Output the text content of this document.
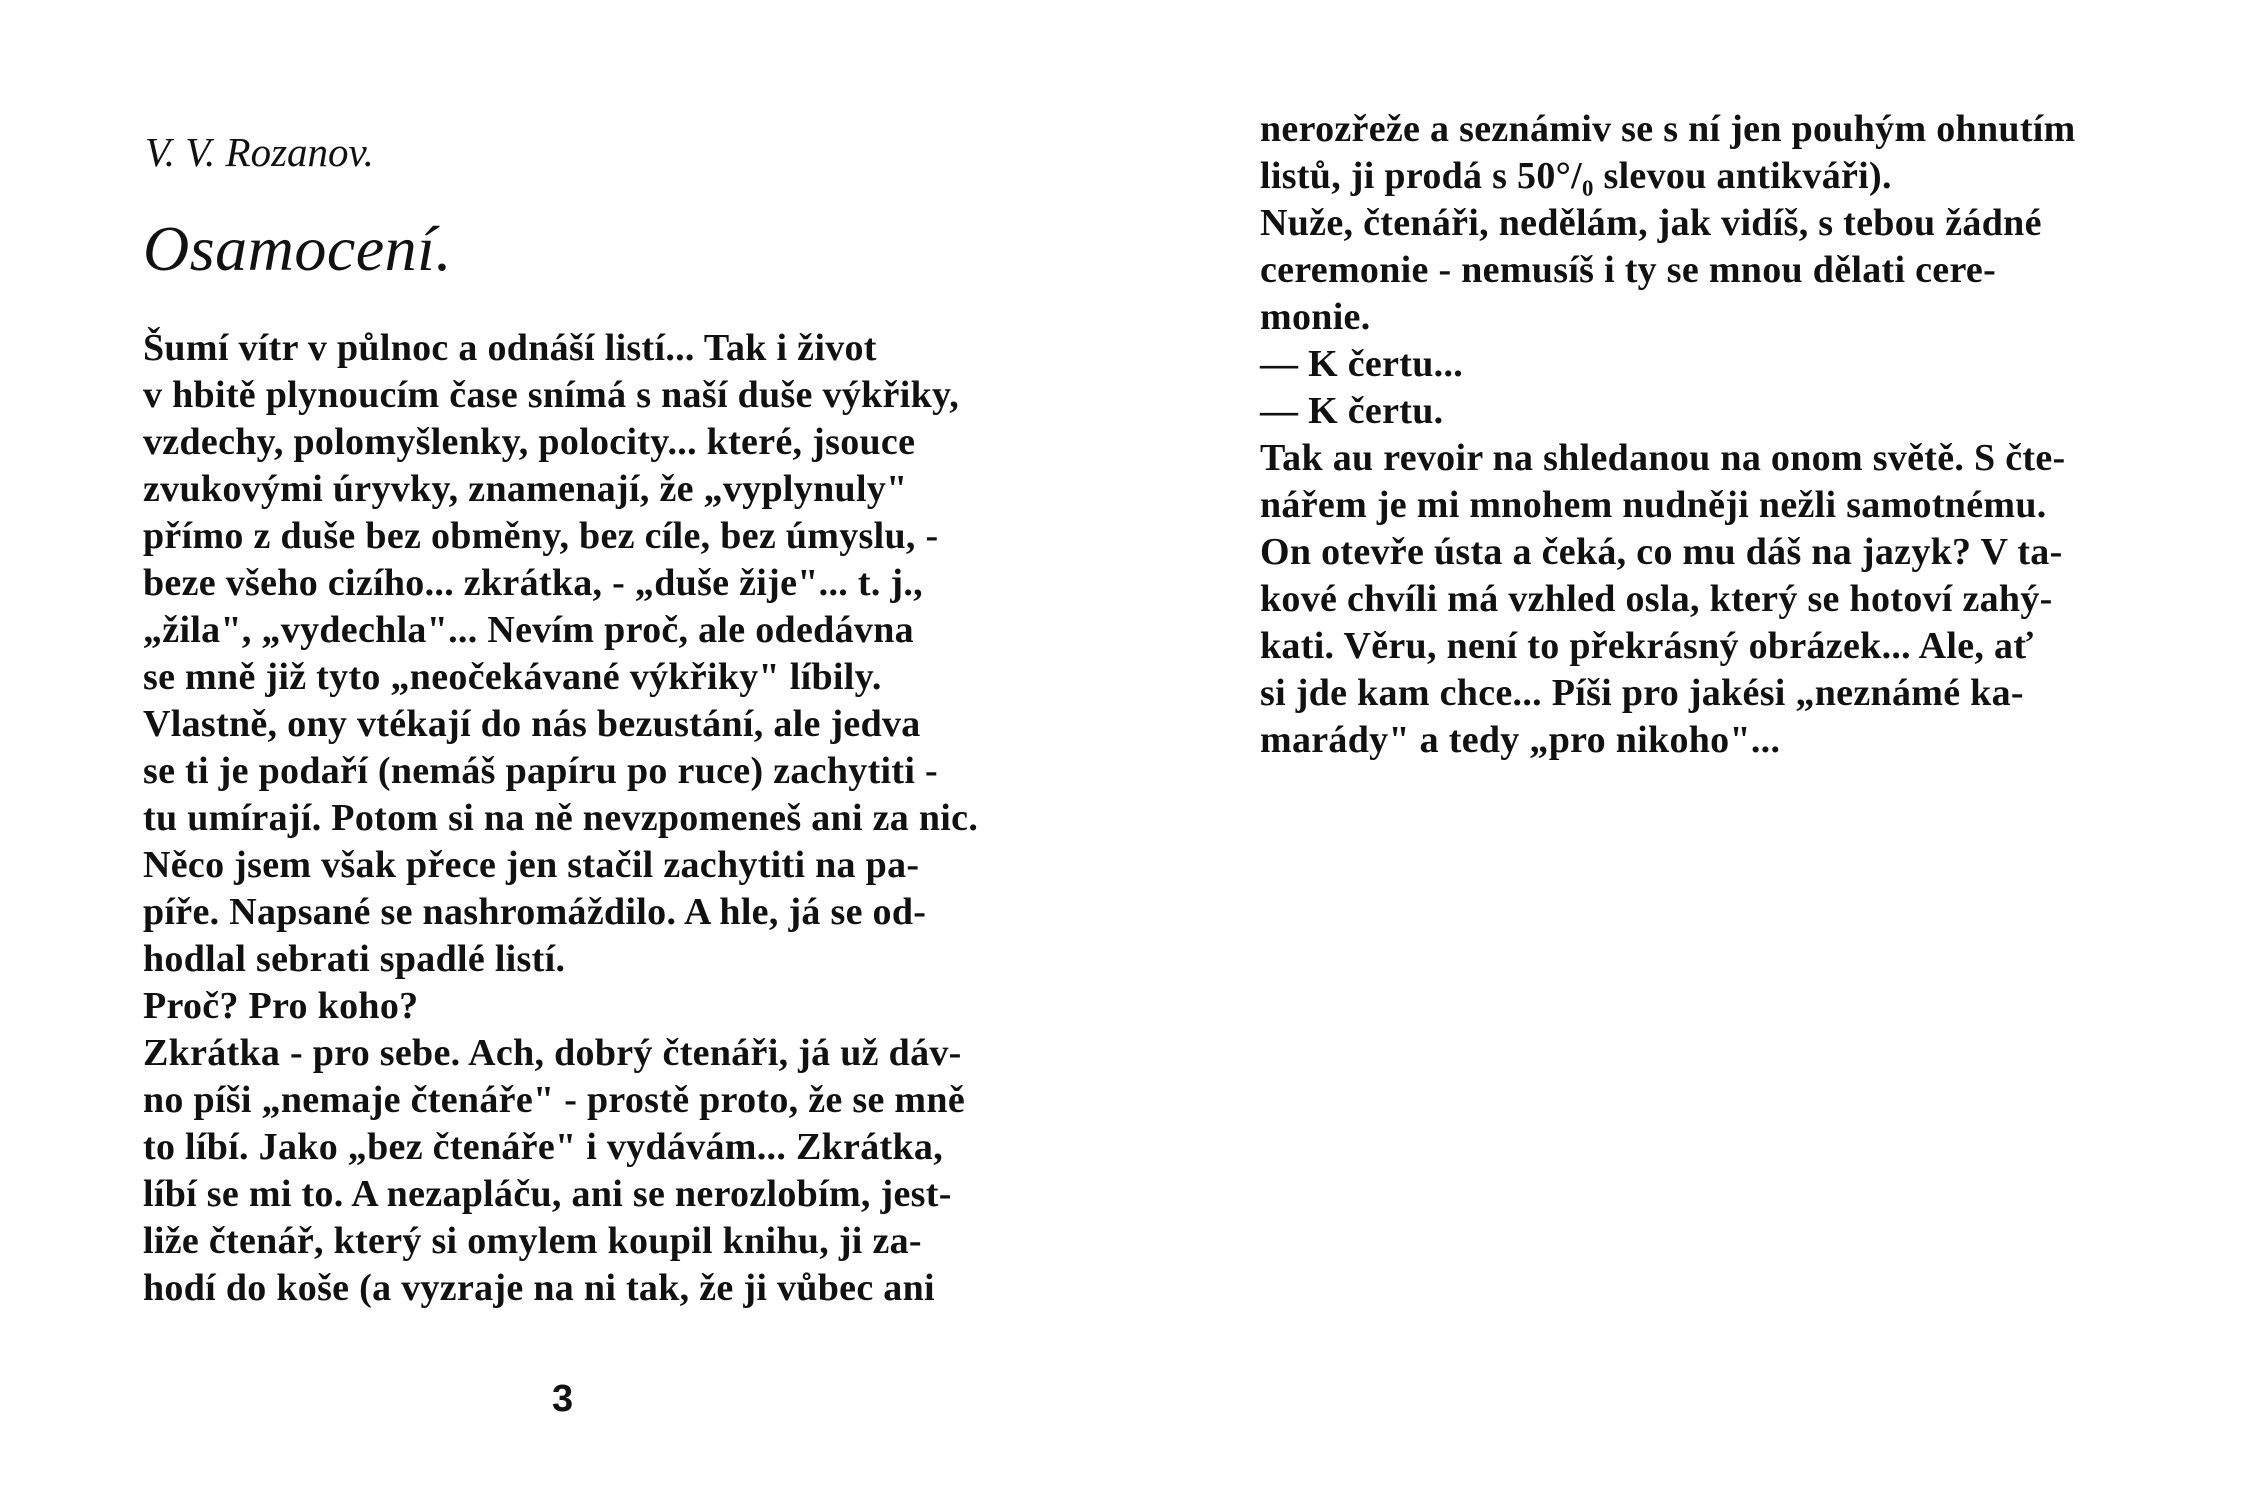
V. V. Rozanov.
Osamocení.
Šumí vítr v půlnoc a odnáší listí... Tak i život
v hbitě plynoucím čase snímá s naší duše výkřiky,
vzdechy, polomyšlenky, polocity... které, jsouce
zvukovými úryvky, znamenají, že „vyplynuly"
přímo z duše bez obměny, bez cíle, bez úmyslu, -
beze všeho cizího... zkrátka, - „duše žije"... t. j.,
„žila", „vydechla"... Nevím proč, ale odedávna
se mně již tyto „neočekávané výkřiky" líbily.
Vlastně, ony vtékají do nás bezustání, ale jedva
se ti je podaří (nemáš papíru po ruce) zachytiti -
tu umírají. Potom si na ně nevzpomeneš ani za nic.
Něco jsem však přece jen stačil zachytiti na pa-
píře. Napsané se nashromáždilo. A hle, já se od-
hodlal sebrati spadlé listí.
Proč? Pro koho?
Zkrátka - pro sebe. Ach, dobrý čtenáři, já už dáv-
no píši „nemaje čtenáře" - prostě proto, že se mně
to líbí. Jako „bez čtenáře" i vydávám... Zkrátka,
líbí se mi to. A nezapláču, ani se nerozlobím, jest-
liže čtenář, který si omylem koupil knihu, ji za-
hodí do koše (a vyzraje na ni tak, že ji vůbec ani
3
nerozřeže a seznámiv se s ní jen pouhým ohnutím
listů, ji prodá s 50°/₀ slevou antikváři).
Nuže, čtenáři, nedělám, jak vidíš, s tebou žádné
ceremonie - nemusíš i ty se mnou dělati cere-
monie.
— K čertu...
— K čertu.
Tak au revoir na shledanou na onom světě. S čte-
nářem je mi mnohem nudněji nežli samotnému.
On otevře ústa a čeká, co mu dáš na jazyk? V ta-
kové chvíli má vzhled osla, který se hotoví zahý-
kati. Věru, není to překrásný obrázek... Ale, ať
si jde kam chce... Píši pro jakési „neznámé ka-
marády" a tedy „pro nikoho"...
